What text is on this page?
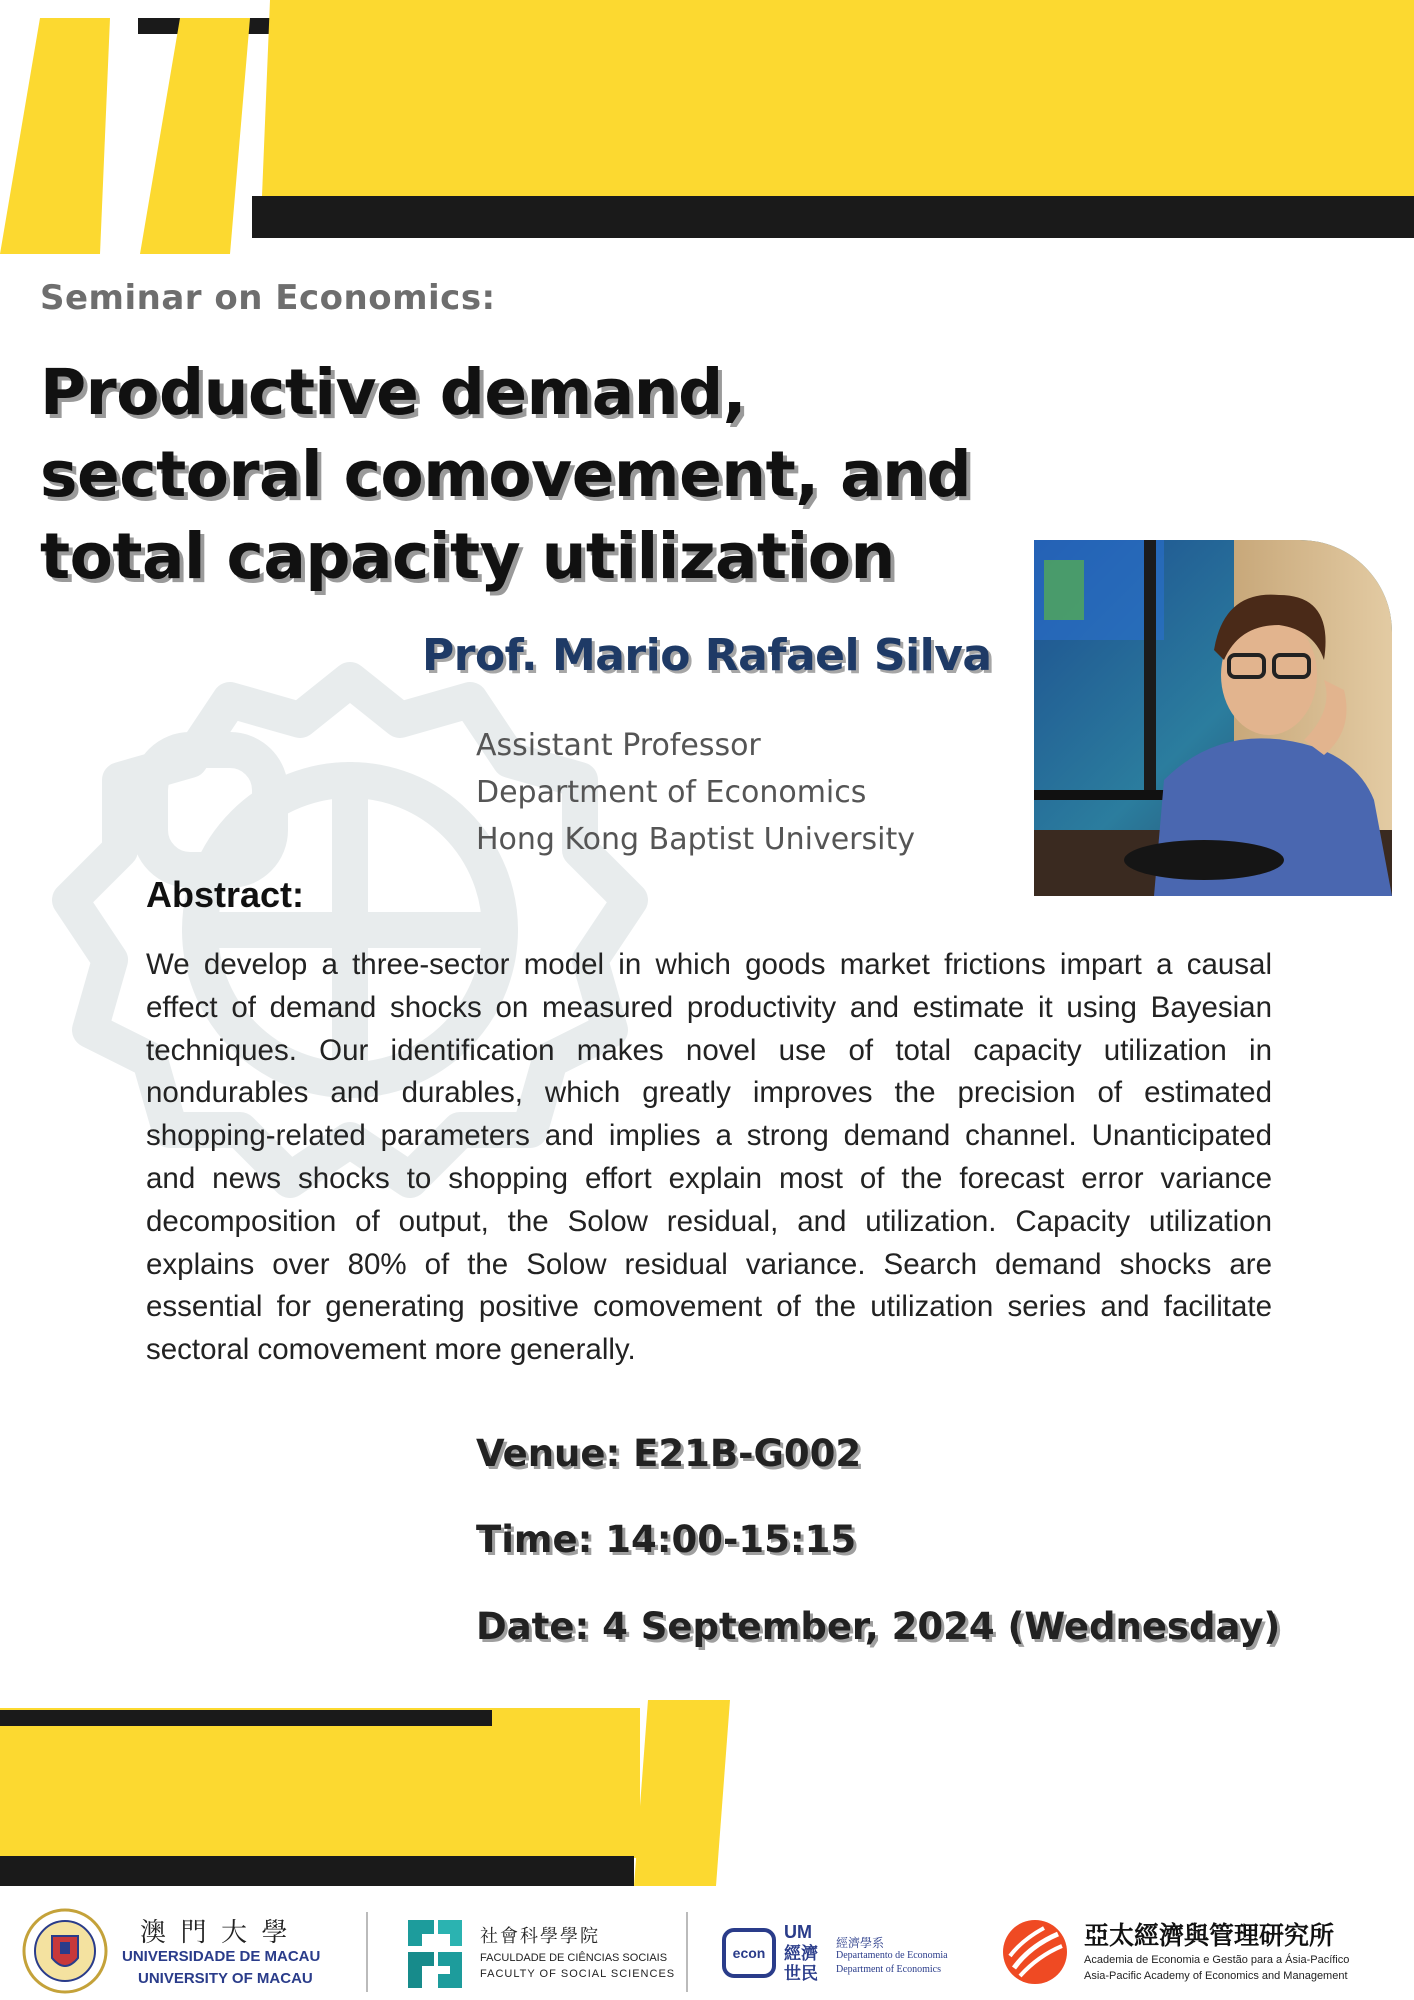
Seminar on Economics:
Productive demand,
sectoral comovement, and
total capacity utilization
Prof. Mario Rafael Silva
Assistant Professor
Department of Economics
Hong Kong Baptist University
Abstract:
We develop a three-sector model in which goods market frictions impart a causal effect of demand shocks on measured productivity and estimate it using Bayesian techniques. Our identification makes novel use of total capacity utilization in nondurables and durables, which greatly improves the precision of estimated shopping-related parameters and implies a strong demand channel. Unanticipated and news shocks to shopping effort explain most of the forecast error variance decomposition of output, the Solow residual, and utilization. Capacity utilization explains over 80% of the Solow residual variance. Search demand shocks are essential for generating positive comovement of the utilization series and facilitate sectoral comovement more generally.
Venue: E21B-G002
Time: 14:00-15:15
Date: 4 September, 2024 (Wednesday)
澳 門 大 學
UNIVERSIDADE DE MACAU
UNIVERSITY OF MACAU
社會科學學院
FACULDADE DE CIÊNCIAS SOCIAIS
FACULTY OF SOCIAL SCIENCES
econ
UM
經濟世民
經濟學系
Departamento de Economia
Department of Economics
亞太經濟與管理研究所
Academia de Economia e Gestão para a Ásia-Pacífico
Asia-Pacific Academy of Economics and Management
